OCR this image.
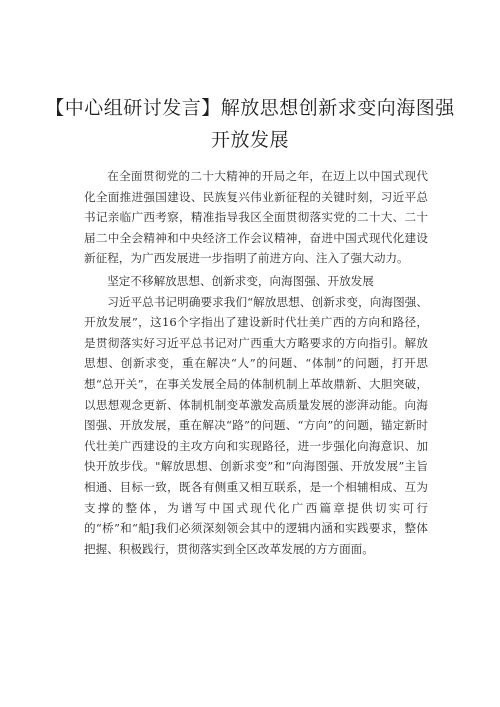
【中心组研讨发言】解放思想创新求变向海图强开放发展

在全面贯彻党的二十大精神的开局之年，在迈上以中国式现代化全面推进强国建设、民族复兴伟业新征程的关键时刻，习近平总书记亲临广西考察，精准指导我区全面贯彻落实党的二十大、二十届二中全会精神和中央经济工作会议精神，奋进中国式现代化建设新征程，为广西发展进一步指明了前进方向、注入了强大动力。

坚定不移解放思想、创新求变，向海图强、开放发展

习近平总书记明确要求我们“解放思想、创新求变，向海图强、开放发展”，这16个字指出了建设新时代壮美广西的方向和路径，是贯彻落实好习近平总书记对广西重大方略要求的方向指引。解放思想、创新求变，重在解决“人”的问题、“体制”的问题，打开思想“总开关”，在事关发展全局的体制机制上革故鼎新、大胆突破，以思想观念更新、体制机制变革激发高质量发展的澎湃动能。向海图强、开放发展，重在解决“路”的问题、“方向”的问题，锚定新时代壮美广西建设的主攻方向和实现路径，进一步强化向海意识、加快开放步伐。"解放思想、创新求变”和“向海图强、开放发展”主旨相通、目标一致，既各有侧重又相互联系，是一个相辅相成、互为支撑的整体，为谱写中国式现代化广西篇章提供切实可行的“桥”和“船J我们必须深刻领会其中的逻辑内涵和实践要求，整体把握、积极践行，贯彻落实到全区改革发展的方方面面。
